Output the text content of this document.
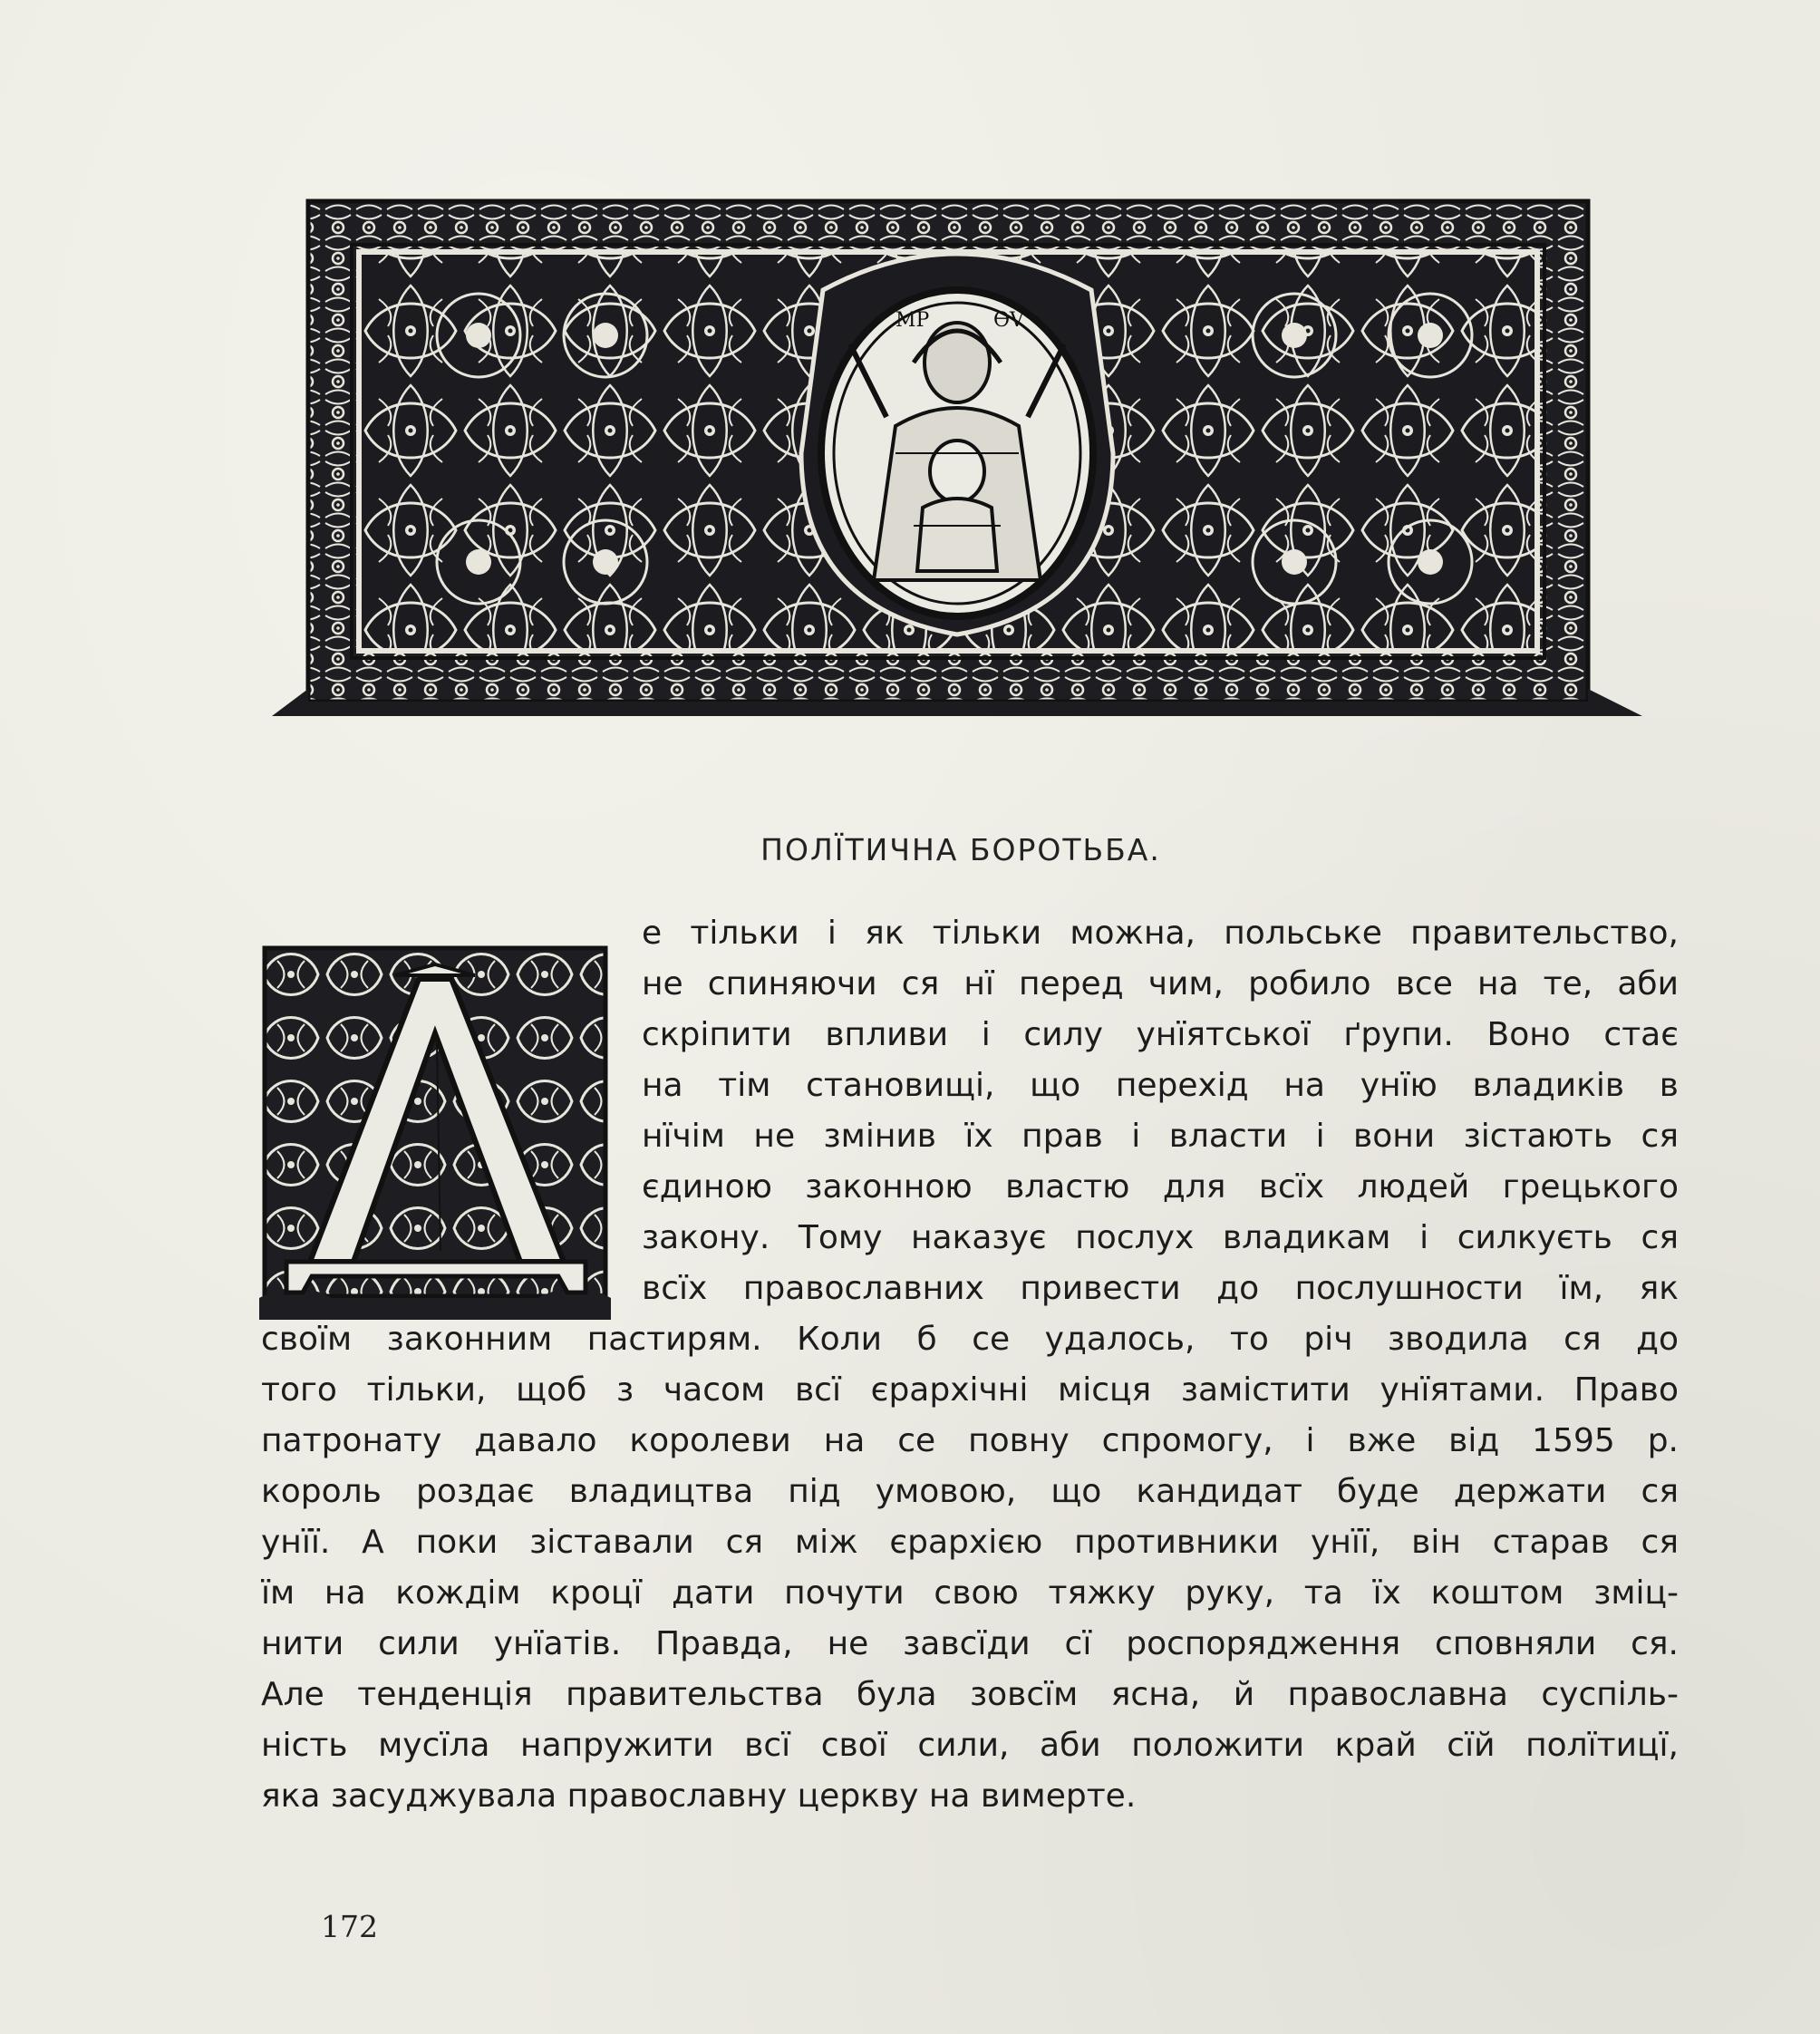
МР	ѲV
ПОЛЇТИЧНА БОРОТЬБА.
е тільки і як тільки можна, польське правительство,
не спиняючи ся нї перед чим, робило все на те, аби
скріпити впливи і силу унїятської ґрупи. Воно стає
на тім становищі, що перехід на унїю владиків в
нїчім не змінив їх прав і власти і вони зістають ся
єдиною законною властю для всїх людей грецького
закону. Тому наказує послух владикам і силкуєть ся
всїх православних привести до послушности їм, як
своїм законним пастирям. Коли б се удалось, то річ зводила ся до
того тільки, щоб з часом всї єрархічні місця замістити унїятами. Право
патронату давало королеви на се повну спромогу, і вже від 1595 р.
король роздає владицтва під умовою, що кандидат буде держати ся
унїї. А поки зіставали ся між єрархією противники унїї, він старав ся
їм на кождім кроцї дати почути свою тяжку руку, та їх коштом зміц-
нити сили унїатів. Правда, не завсїди сї роспорядження сповняли ся.
Але тенденція правительства була зовсїм ясна, й православна суспіль-
ність мусїла напружити всї свої сили, аби положити край сїй полїтицї,
яка засуджувала православну церкву на вимерте.
172
